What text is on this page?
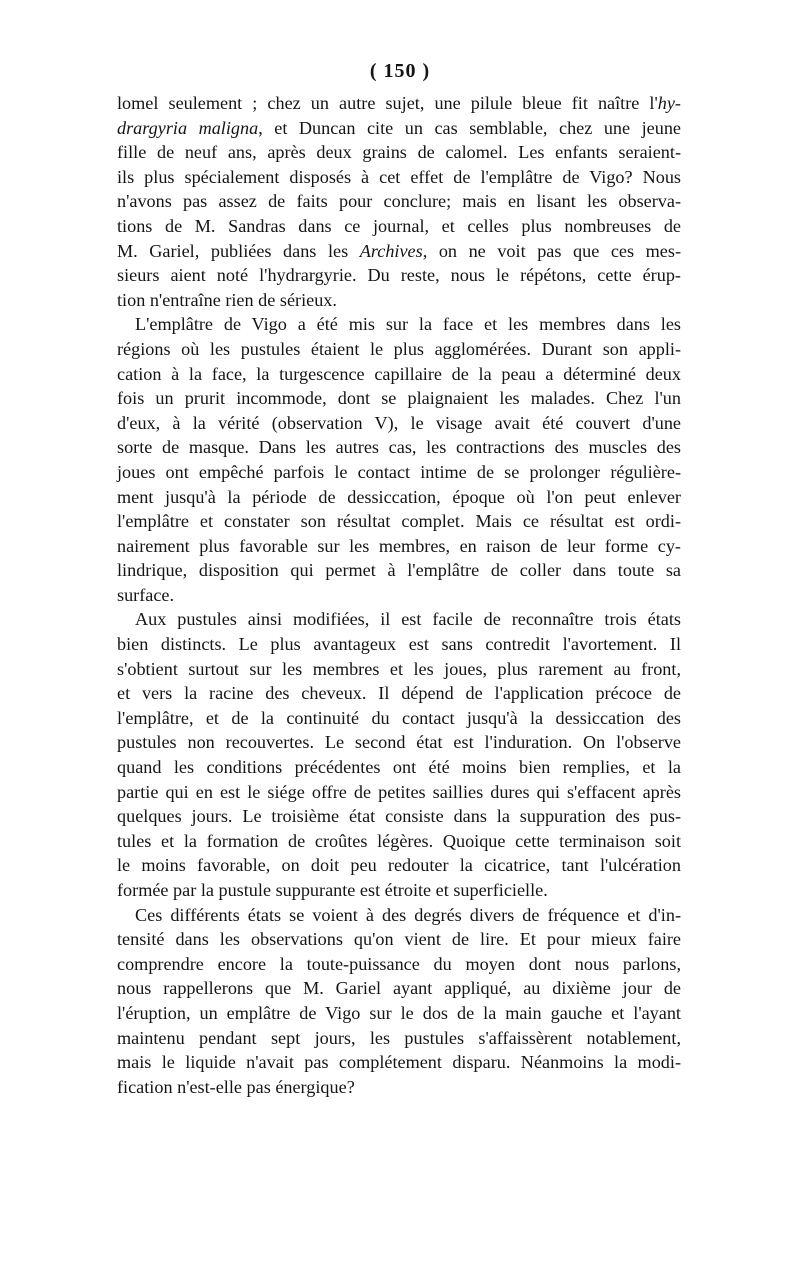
( 150 )
lomel seulement ; chez un autre sujet, une pilule bleue fit naître l'hy-
drargyria maligna, et Duncan cite un cas semblable, chez une jeune
fille de neuf ans, après deux grains de calomel. Les enfants seraient-
ils plus spécialement disposés à cet effet de l'emplâtre de Vigo? Nous
n'avons pas assez de faits pour conclure; mais en lisant les observa-
tions de M. Sandras dans ce journal, et celles plus nombreuses de
M. Gariel, publiées dans les Archives, on ne voit pas que ces mes-
sieurs aient noté l'hydrargyrie. Du reste, nous le répétons, cette érup-
tion n'entraîne rien de sérieux.
L'emplâtre de Vigo a été mis sur la face et les membres dans les
régions où les pustules étaient le plus agglomérées. Durant son appli-
cation à la face, la turgescence capillaire de la peau a déterminé deux
fois un prurit incommode, dont se plaignaient les malades. Chez l'un
d'eux, à la vérité (observation V), le visage avait été couvert d'une
sorte de masque. Dans les autres cas, les contractions des muscles des
joues ont empêché parfois le contact intime de se prolonger régulière-
ment jusqu'à la période de dessiccation, époque où l'on peut enlever
l'emplâtre et constater son résultat complet. Mais ce résultat est ordi-
nairement plus favorable sur les membres, en raison de leur forme cy-
lindrique, disposition qui permet à l'emplâtre de coller dans toute sa
surface.
Aux pustules ainsi modifiées, il est facile de reconnaître trois états
bien distincts. Le plus avantageux est sans contredit l'avortement. Il
s'obtient surtout sur les membres et les joues, plus rarement au front,
et vers la racine des cheveux. Il dépend de l'application précoce de
l'emplâtre, et de la continuité du contact jusqu'à la dessiccation des
pustules non recouvertes. Le second état est l'induration. On l'observe
quand les conditions précédentes ont été moins bien remplies, et la
partie qui en est le siége offre de petites saillies dures qui s'effacent après
quelques jours. Le troisième état consiste dans la suppuration des pus-
tules et la formation de croûtes légères. Quoique cette terminaison soit
le moins favorable, on doit peu redouter la cicatrice, tant l'ulcération
formée par la pustule suppurante est étroite et superficielle.
Ces différents états se voient à des degrés divers de fréquence et d'in-
tensité dans les observations qu'on vient de lire. Et pour mieux faire
comprendre encore la toute-puissance du moyen dont nous parlons,
nous rappellerons que M. Gariel ayant appliqué, au dixième jour de
l'éruption, un emplâtre de Vigo sur le dos de la main gauche et l'ayant
maintenu pendant sept jours, les pustules s'affaissèrent notablement,
mais le liquide n'avait pas complétement disparu. Néanmoins la modi-
fication n'est-elle pas énergique?
